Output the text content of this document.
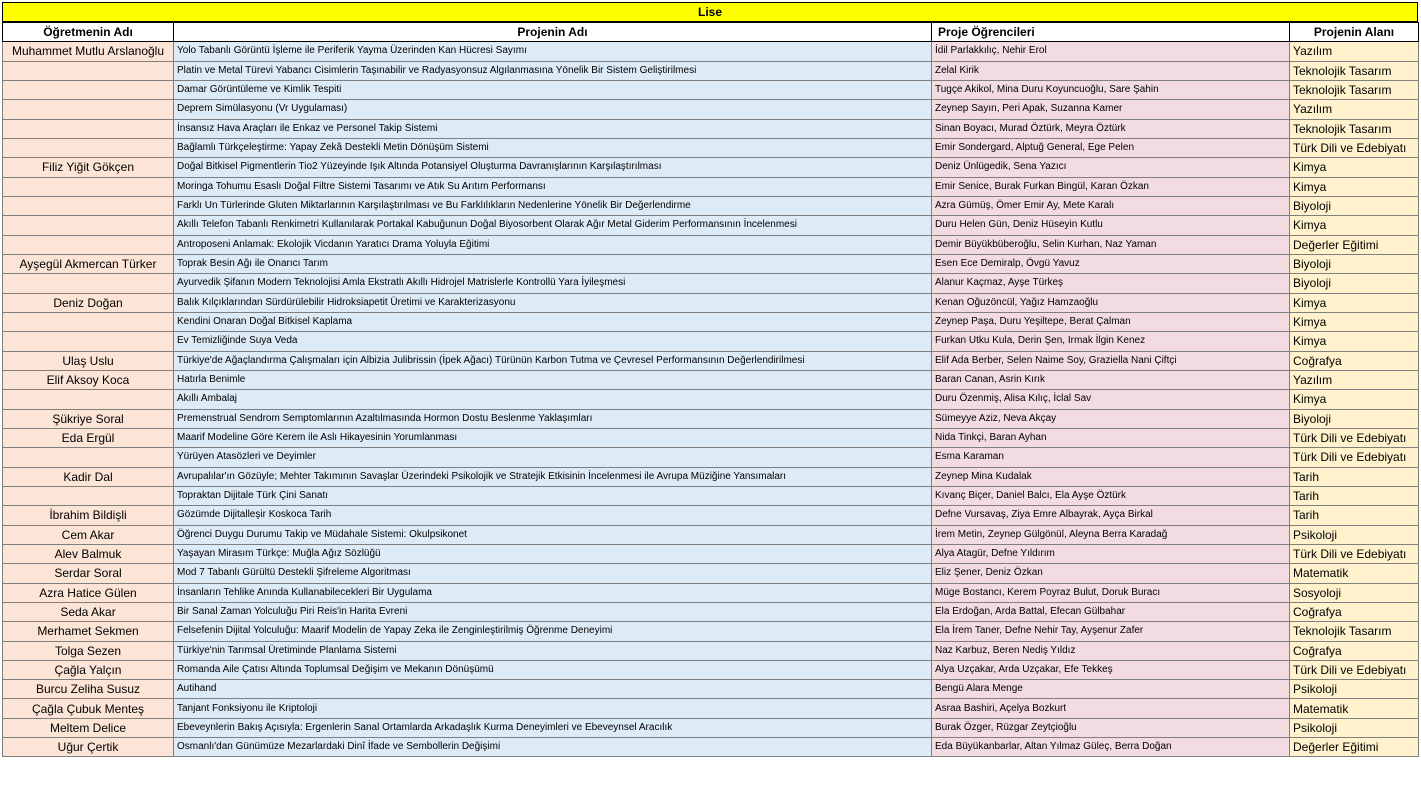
Lise
Öğretmenin Adı	Projenin Adı	Proje Öğrencileri	Projenin Alanı
Muhammet Mutlu Arslanoğlu	Yolo Tabanlı Görüntü İşleme ile Periferik Yayma Üzerinden Kan Hücresi Sayımı	İdil Parlakkılıç, Nehir Erol	Yazılım
	Platin ve Metal Türevi Yabancı Cisimlerin Taşınabilir ve Radyasyonsuz Algılanmasına Yönelik Bir Sistem Geliştirilmesi	Zelal Kirik	Teknolojik Tasarım
	Damar Görüntüleme ve Kimlik Tespiti	Tugçe Akikol, Mina Duru Koyuncuoğlu, Sare Şahin	Teknolojik Tasarım
	Deprem Simülasyonu (Vr Uygulaması)	Zeynep Sayın, Peri Apak, Suzanna Kamer	Yazılım
	İnsansız Hava Araçları ile Enkaz ve Personel Takip Sistemi	Sinan Boyacı, Murad Öztürk, Meyra Öztürk	Teknolojik Tasarım
	Bağlamlı Türkçeleştirme: Yapay Zekâ Destekli Metin Dönüşüm Sistemi	Emir Sondergard, Alptuğ General, Ege Pelen	Türk Dili ve Edebiyatı
Filiz Yiğit Gökçen	Doğal Bitkisel Pigmentlerin Tio2 Yüzeyinde Işık Altında Potansiyel Oluşturma Davranışlarının Karşılaştırılması	Deniz Ünlügedik, Sena Yazıcı	Kimya
	Moringa Tohumu Esaslı Doğal Filtre Sistemi Tasarımı ve Atık Su Arıtım Performansı	Emir Senice, Burak Furkan Bingül, Karan Özkan	Kimya
	Farklı Un Türlerinde Gluten Miktarlarının Karşılaştırılması ve Bu Farklılıkların Nedenlerine Yönelik Bir Değerlendirme	Azra Gümüş, Ömer Emir Ay, Mete Karalı	Biyoloji
	Akıllı Telefon Tabanlı Renkimetri Kullanılarak Portakal Kabuğunun Doğal Biyosorbent Olarak Ağır Metal Giderim Performansının İncelenmesi	Duru Helen Gün, Deniz Hüseyin Kutlu	Kimya
	Antroposeni Anlamak: Ekolojik Vicdanın Yaratıcı Drama Yoluyla Eğitimi	Demir Büyükbüberoğlu, Selin Kurhan, Naz Yaman	Değerler Eğitimi
Ayşegül Akmercan Türker	Toprak Besin Ağı ile Onarıcı Tarım	Esen Ece Demiralp, Övgü Yavuz	Biyoloji
	Ayurvedik Şifanın Modern Teknolojisi Amla Ekstratlı Akıllı Hidrojel Matrislerle Kontrollü Yara İyileşmesi	Alanur Kaçmaz, Ayşe Türkeş	Biyoloji
Deniz Doğan	Balık Kılçıklarından Sürdürülebilir Hidroksiapetit Üretimi ve Karakterizasyonu	Kenan Oğuzöncül, Yağız Hamzaoğlu	Kimya
	Kendini Onaran Doğal Bitkisel Kaplama	Zeynep Paşa, Duru Yeşiltepe, Berat Çalman	Kimya
	Ev Temizliğinde Suya Veda	Furkan Utku Kula, Derin Şen, Irmak İlgin Kenez	Kimya
Ulaş Uslu	Türkiye'de Ağaçlandırma Çalışmaları için Albizia Julibrissin (İpek Ağacı) Türünün Karbon Tutma ve Çevresel Performansının Değerlendirilmesi	Elif Ada Berber, Selen Naime Soy, Graziella Nani Çiftçi	Coğrafya
Elif Aksoy Koca	Hatırla Benimle	Baran Canan, Asrin Kırık	Yazılım
	Akıllı Ambalaj	Duru Özenmiş, Alisa Kılıç, İclal Sav	Kimya
Şükriye Soral	Premenstrual Sendrom Semptomlarının Azaltılmasında Hormon Dostu Beslenme Yaklaşımları	Sümeyye Aziz, Neva Akçay	Biyoloji
Eda Ergül	Maarif Modeline Göre Kerem ile Aslı Hikayesinin Yorumlanması	Nida Tinkçi, Baran Ayhan	Türk Dili ve Edebiyatı
	Yürüyen Atasözleri ve Deyimler	Esma Karaman	Türk Dili ve Edebiyatı
Kadir Dal	Avrupalılar'ın Gözüyle; Mehter Takımının Savaşlar Üzerindeki Psikolojik ve Stratejik Etkisinin İncelenmesi ile Avrupa Müziğine Yansımaları	Zeynep Mina Kudalak	Tarih
	Topraktan Dijitale Türk Çini Sanatı	Kıvanç Biçer, Daniel Balcı, Ela Ayşe Öztürk	Tarih
İbrahim Bildişli	Gözümde Dijitalleşir Koskoca Tarih	Defne Vursavaş, Ziya Emre Albayrak, Ayça Birkal	Tarih
Cem Akar	Öğrenci Duygu Durumu Takip ve Müdahale Sistemi: Okulpsikonet	İrem Metin, Zeynep Gülgönül, Aleyna Berra Karadağ	Psikoloji
Alev Balmuk	Yaşayan Mirasım Türkçe: Muğla Ağız Sözlüğü	Alya Atagür, Defne Yıldırım	Türk Dili ve Edebiyatı
Serdar Soral	Mod 7 Tabanlı Gürültü Destekli Şifreleme Algoritması	Eliz Şener, Deniz Özkan	Matematik
Azra Hatice Gülen	İnsanların Tehlike Anında Kullanabilecekleri Bir Uygulama	Müge Bostancı, Kerem Poyraz Bulut, Doruk Buracı	Sosyoloji
Seda Akar	Bir Sanal Zaman Yolculuğu Piri Reis'in Harita Evreni	Ela Erdoğan, Arda Battal, Efecan Gülbahar	Coğrafya
Merhamet Sekmen	Felsefenin Dijital Yolculuğu: Maarif Modelin de Yapay Zeka ile Zenginleştirilmiş Öğrenme Deneyimi	Ela İrem Taner, Defne Nehir Tay, Ayşenur Zafer	Teknolojik Tasarım
Tolga Sezen	Türkiye'nin Tarımsal Üretiminde Planlama Sistemi	Naz Karbuz, Beren Nediş Yıldız	Coğrafya
Çağla Yalçın	Romanda Aile Çatısı Altında Toplumsal Değişim ve Mekanın Dönüşümü	Alya Uzçakar, Arda Uzçakar, Efe Tekkeş	Türk Dili ve Edebiyatı
Burcu Zeliha Susuz	Autihand	Bengü Alara Menge	Psikoloji
Çağla Çubuk Menteş	Tanjant Fonksiyonu ile Kriptoloji	Asraa Bashiri, Açelya Bozkurt	Matematik
Meltem Delice	Ebeveynlerin Bakış Açısıyla: Ergenlerin Sanal Ortamlarda Arkadaşlık Kurma Deneyimleri ve Ebeveynsel Aracılık	Burak Özger, Rüzgar Zeytçioğlu	Psikoloji
Uğur Çertik	Osmanlı'dan Günümüze Mezarlardaki Dinî İfade ve Sembollerin Değişimi	Eda Büyükanbarlar, Altan Yılmaz Güleç, Berra Doğan	Değerler Eğitimi
